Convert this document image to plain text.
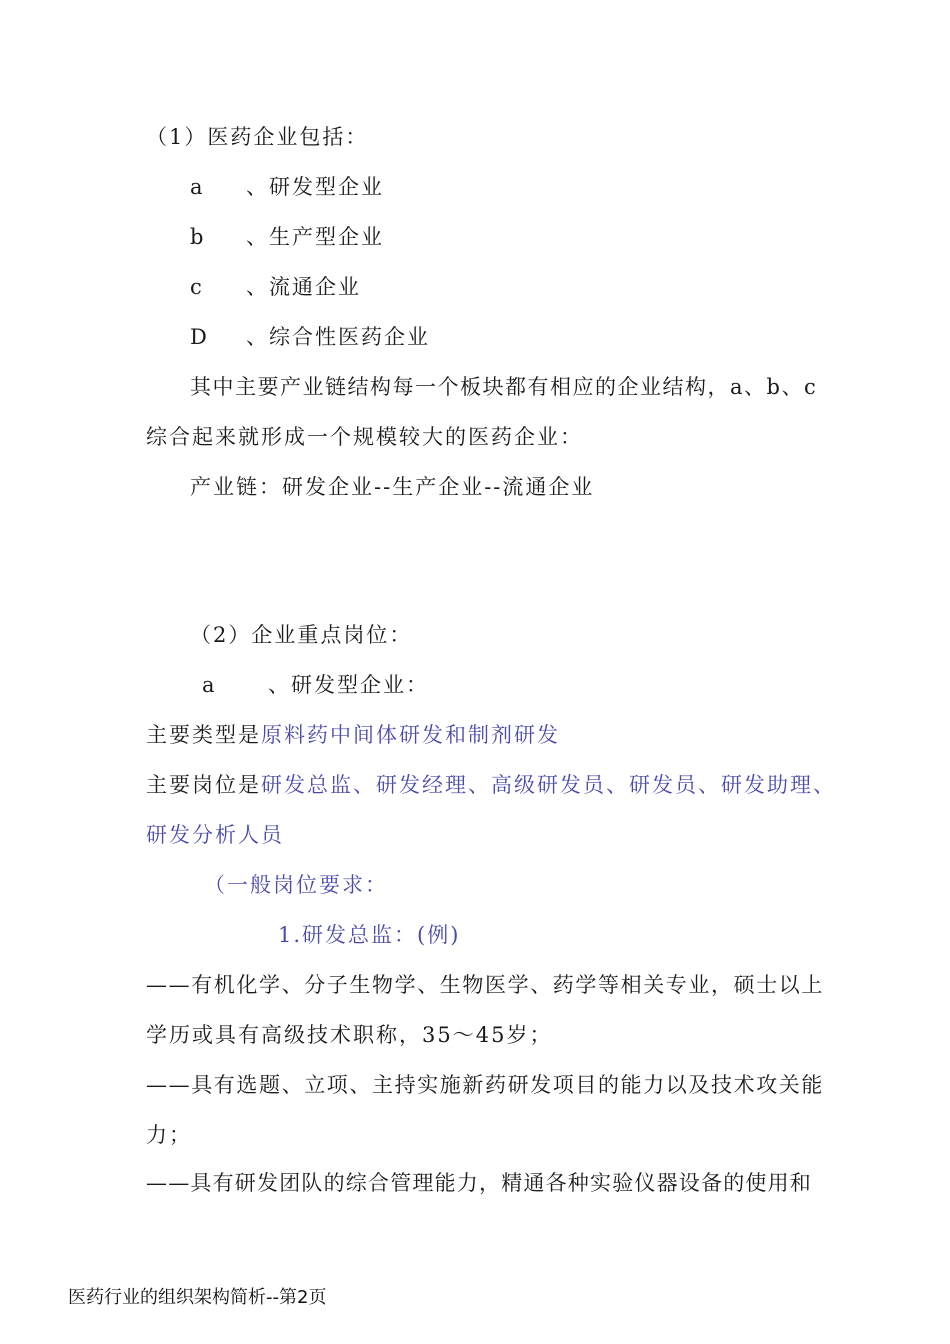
（1）医药企业包括：
a 、研发型企业
b 、生产型企业
c 、流通企业
D 、综合性医药企业
其中主要产业链结构每一个板块都有相应的企业结构，a、b、c
综合起来就形成一个规模较大的医药企业：
产业链：研发企业--生产企业--流通企业
（2）企业重点岗位：
a	、研发型企业：
主要类型是原料药中间体研发和制剂研发
主要岗位是研发总监、研发经理、高级研发员、研发员、研发助理、
研发分析人员
（一般岗位要求：
1.研发总监：(例)
——有机化学、分子生物学、生物医学、药学等相关专业，硕士以上
学历或具有高级技术职称，35～45岁；
——具有选题、立项、主持实施新药研发项目的能力以及技术攻关能
力；
——具有研发团队的综合管理能力，精通各种实验仪器设备的使用和
医药行业的组织架构简析--第2页
